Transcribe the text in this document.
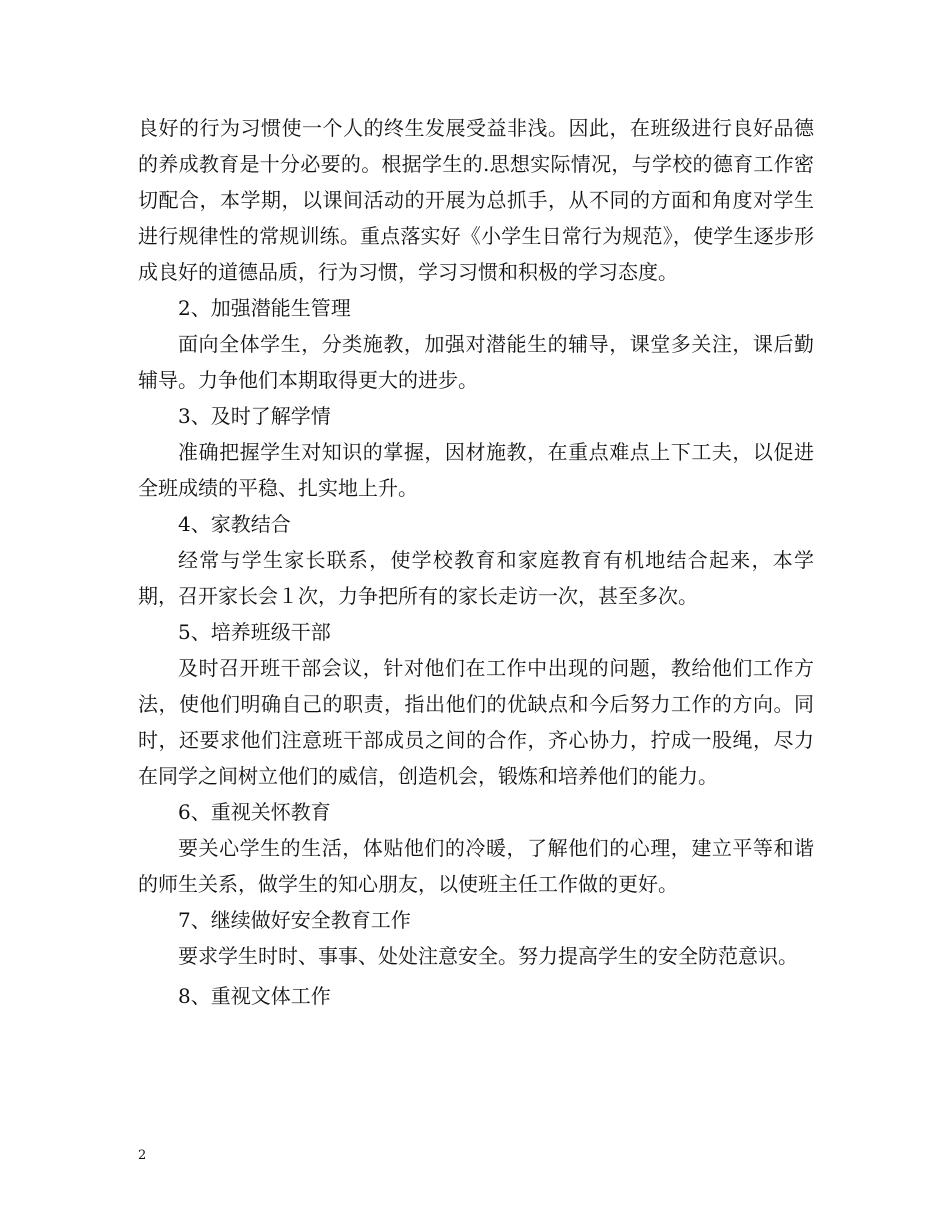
良好的行为习惯使一个人的终生发展受益非浅。因此，在班级进行良好品德的养成教育是十分必要的。根据学生的.思想实际情况，与学校的德育工作密切配合，本学期，以课间活动的开展为总抓手，从不同的方面和角度对学生进行规律性的常规训练。重点落实好《小学生日常行为规范》，使学生逐步形成良好的道德品质，行为习惯，学习习惯和积极的学习态度。

2、加强潜能生管理

面向全体学生，分类施教，加强对潜能生的辅导，课堂多关注，课后勤辅导。力争他们本期取得更大的进步。

3、及时了解学情

准确把握学生对知识的掌握，因材施教，在重点难点上下工夫，以促进全班成绩的平稳、扎实地上升。

4、家教结合

经常与学生家长联系，使学校教育和家庭教育有机地结合起来，本学期，召开家长会１次，力争把所有的家长走访一次，甚至多次。

5、培养班级干部

及时召开班干部会议，针对他们在工作中出现的问题，教给他们工作方法，使他们明确自己的职责，指出他们的优缺点和今后努力工作的方向。同时，还要求他们注意班干部成员之间的合作，齐心协力，拧成一股绳，尽力在同学之间树立他们的威信，创造机会，锻炼和培养他们的能力。

6、重视关怀教育

要关心学生的生活，体贴他们的冷暖，了解他们的心理，建立平等和谐的师生关系，做学生的知心朋友，以使班主任工作做的更好。

7、继续做好安全教育工作

要求学生时时、事事、处处注意安全。努力提高学生的安全防范意识。

8、重视文体工作

2
